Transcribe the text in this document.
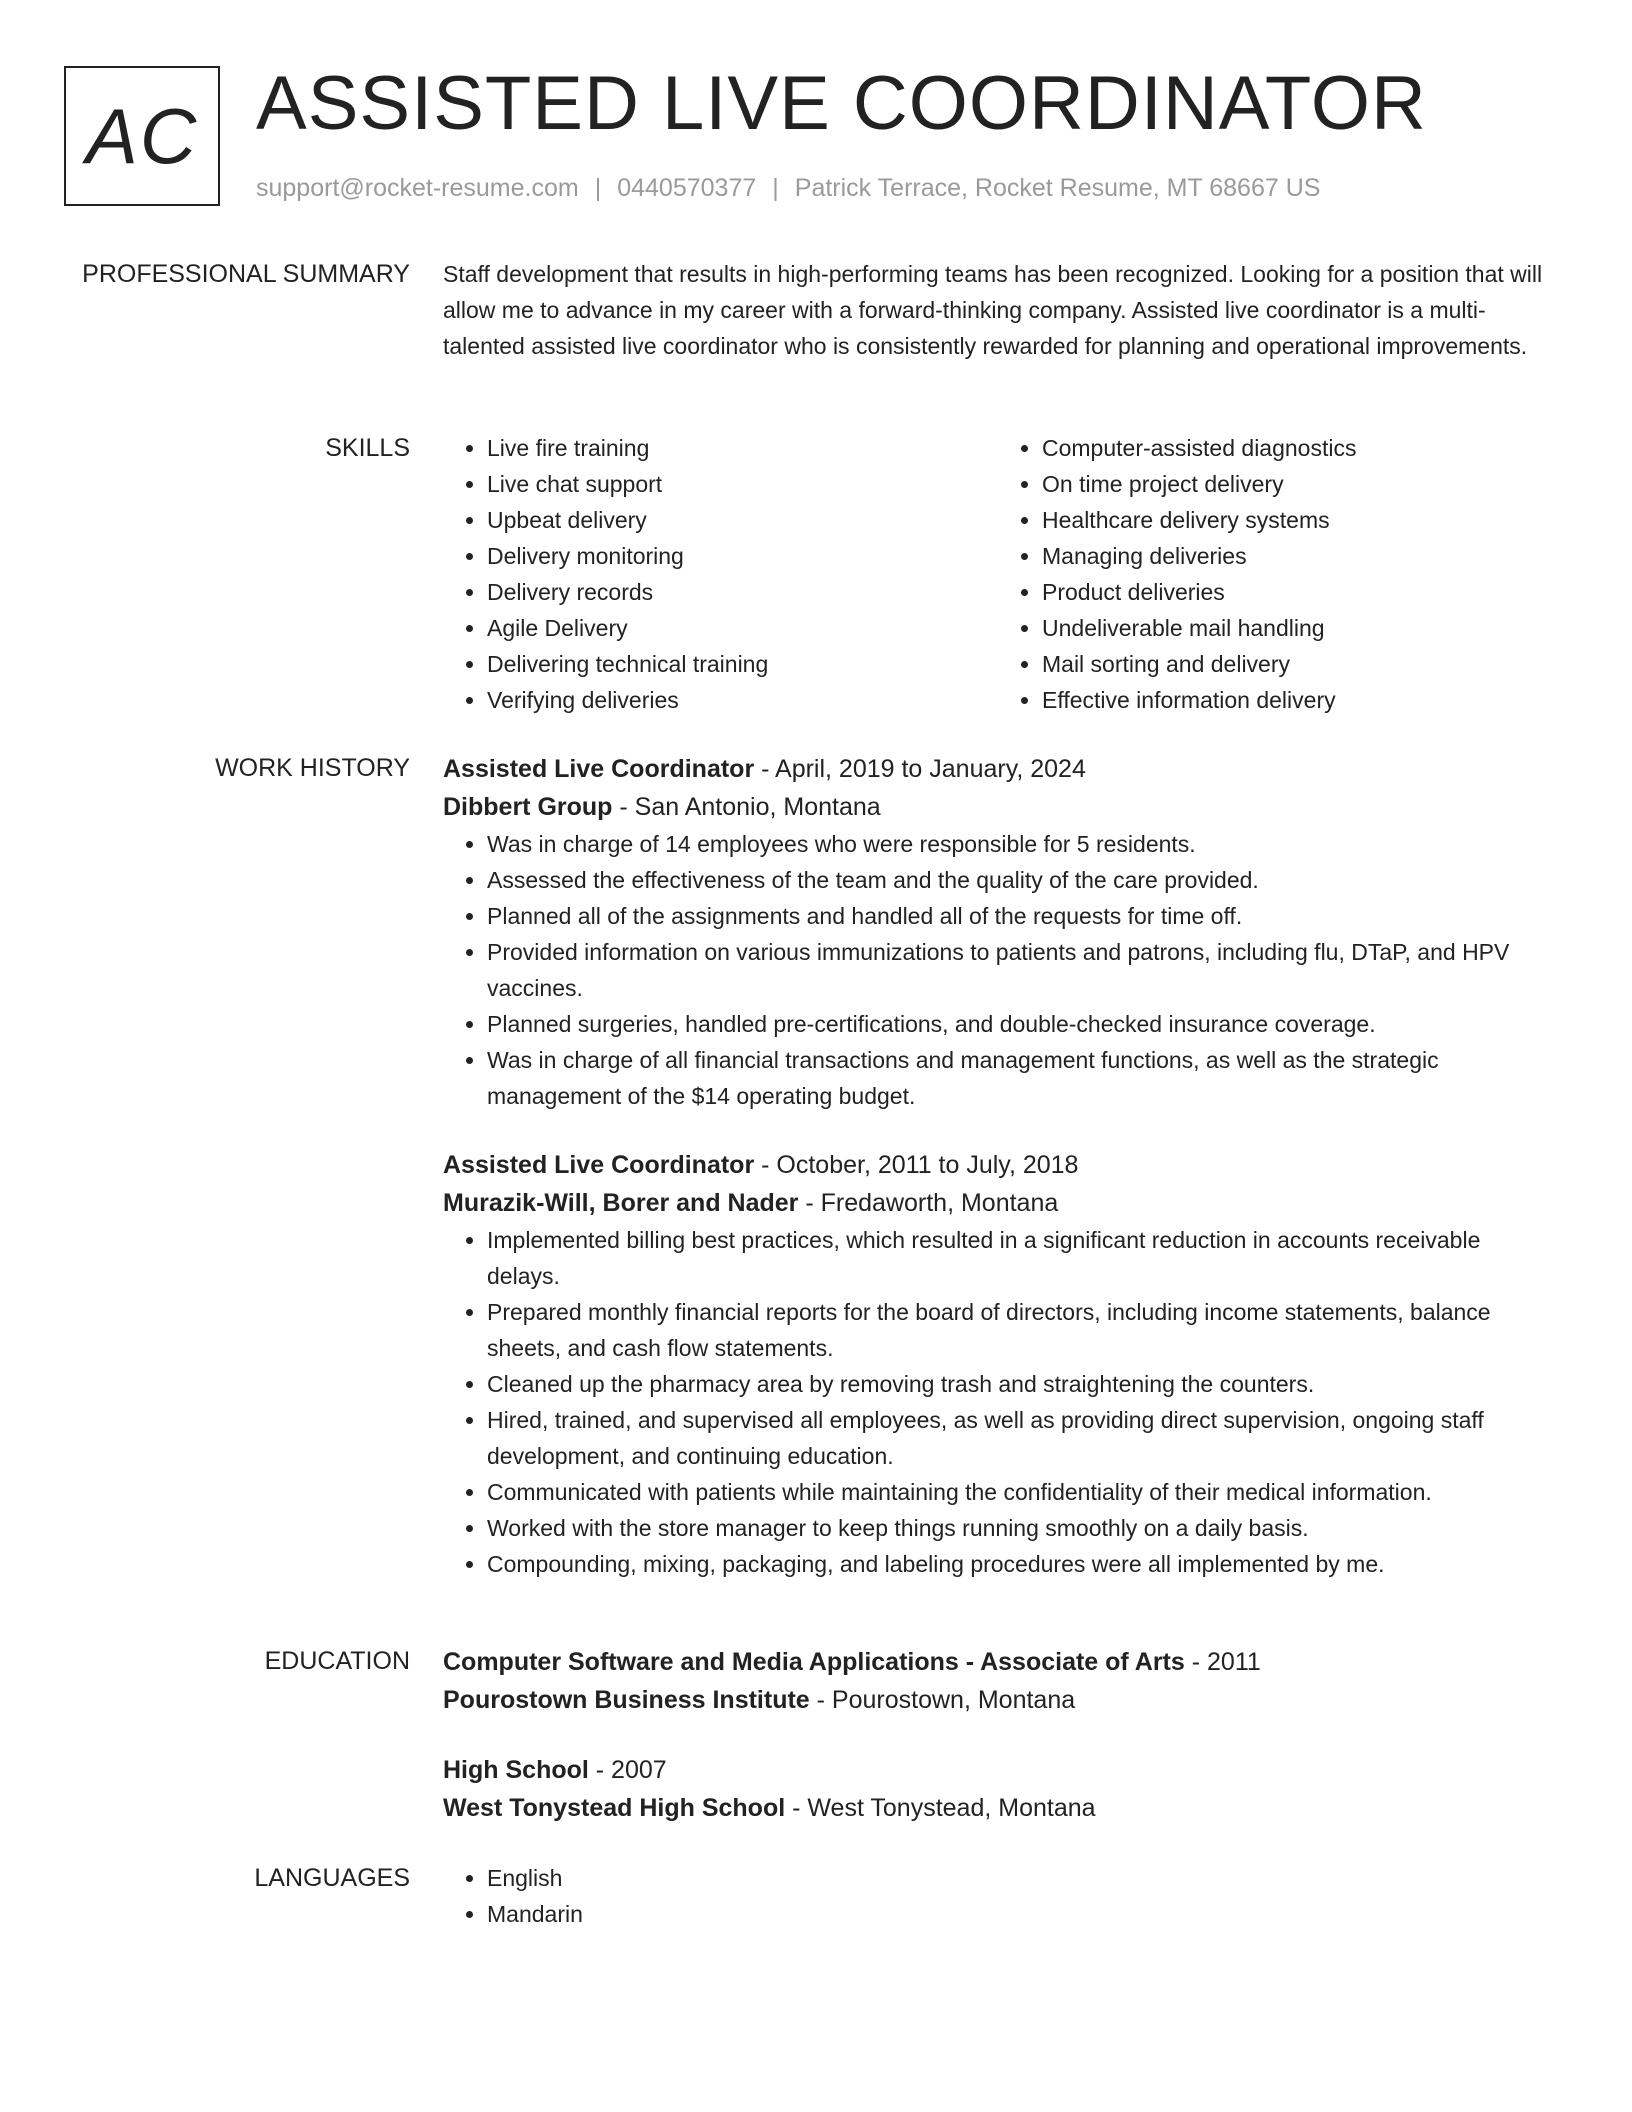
AC ASSISTED LIVE COORDINATOR
support@rocket-resume.com | 0440570377 | Patrick Terrace, Rocket Resume, MT 68667 US
PROFESSIONAL SUMMARY Staff development that results in high-performing teams has been recognized. Looking for a position that will allow me to advance in my career with a forward-thinking company. Assisted live coordinator is a multi-talented assisted live coordinator who is consistently rewarded for planning and operational improvements.
SKILLS	• Live fire training
• Live chat support
• Upbeat delivery
• Delivery monitoring
• Delivery records
• Agile Delivery
• Delivering technical training
• Verifying deliveries
• Computer-assisted diagnostics
• On time project delivery
• Healthcare delivery systems
• Managing deliveries
• Product deliveries
• Undeliverable mail handling
• Mail sorting and delivery
• Effective information delivery
WORK HISTORY Assisted Live Coordinator - April, 2019 to January, 2024
Dibbert Group - San Antonio, Montana
• Was in charge of 14 employees who were responsible for 5 residents.
• Assessed the effectiveness of the team and the quality of the care provided.
• Planned all of the assignments and handled all of the requests for time off.
• Provided information on various immunizations to patients and patrons, including flu, DTaP, and HPV vaccines.
• Planned surgeries, handled pre-certifications, and double-checked insurance coverage.
• Was in charge of all financial transactions and management functions, as well as the strategic management of the $14 operating budget.
Assisted Live Coordinator - October, 2011 to July, 2018
Murazik-Will, Borer and Nader - Fredaworth, Montana
• Implemented billing best practices, which resulted in a significant reduction in accounts receivable delays.
• Prepared monthly financial reports for the board of directors, including income statements, balance sheets, and cash flow statements.
• Cleaned up the pharmacy area by removing trash and straightening the counters.
• Hired, trained, and supervised all employees, as well as providing direct supervision, ongoing staff development, and continuing education.
• Communicated with patients while maintaining the confidentiality of their medical information.
• Worked with the store manager to keep things running smoothly on a daily basis.
• Compounding, mixing, packaging, and labeling procedures were all implemented by me.
EDUCATION Computer Software and Media Applications - Associate of Arts - 2011
Pourostown Business Institute - Pourostown, Montana
High School - 2007
West Tonystead High School - West Tonystead, Montana
LANGUAGES	• English
• Mandarin
